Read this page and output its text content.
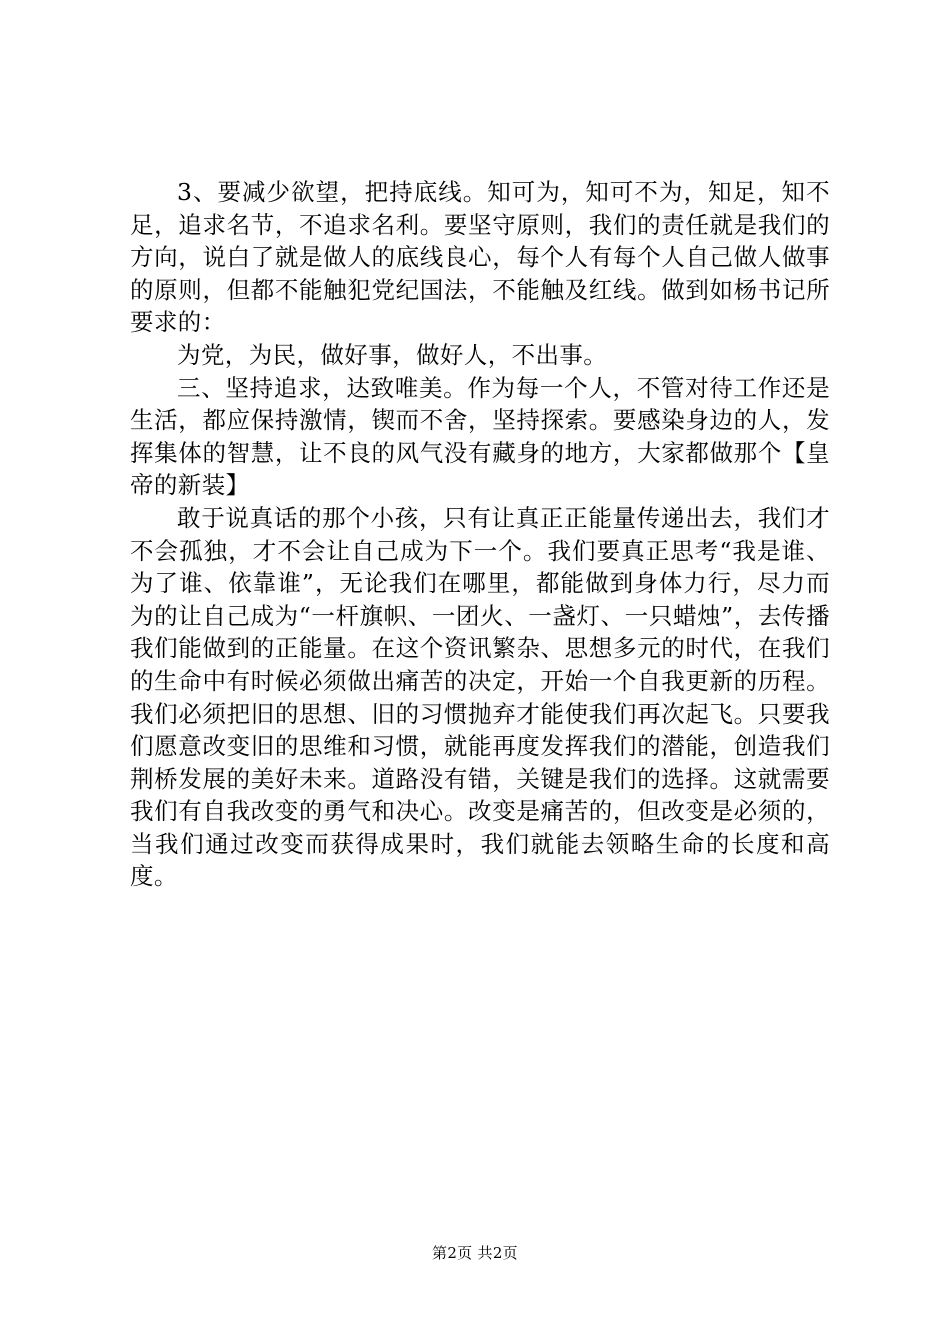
3、要减少欲望，把持底线。知可为，知可不为，知足，知不足，追求名节，不追求名利。要坚守原则，我们的责任就是我们的方向，说白了就是做人的底线良心，每个人有每个人自己做人做事的原则，但都不能触犯党纪国法，不能触及红线。做到如杨书记所要求的：

为党，为民，做好事，做好人，不出事。

三、坚持追求，达致唯美。作为每一个人，不管对待工作还是生活，都应保持激情，锲而不舍，坚持探索。要感染身边的人，发挥集体的智慧，让不良的风气没有藏身的地方，大家都做那个【皇帝的新装】

敢于说真话的那个小孩，只有让真正正能量传递出去，我们才不会孤独，才不会让自己成为下一个。我们要真正思考“我是谁、为了谁、依靠谁”，无论我们在哪里，都能做到身体力行，尽力而为的让自己成为“一杆旗帜、一团火、一盏灯、一只蜡烛”，去传播我们能做到的正能量。在这个资讯繁杂、思想多元的时代，在我们的生命中有时候必须做出痛苦的决定，开始一个自我更新的历程。我们必须把旧的思想、旧的习惯抛弃才能使我们再次起飞。只要我们愿意改变旧的思维和习惯，就能再度发挥我们的潜能，创造我们荆桥发展的美好未来。道路没有错，关键是我们的选择。这就需要我们有自我改变的勇气和决心。改变是痛苦的，但改变是必须的，当我们通过改变而获得成果时，我们就能去领略生命的长度和高度。

第2页 共2页
